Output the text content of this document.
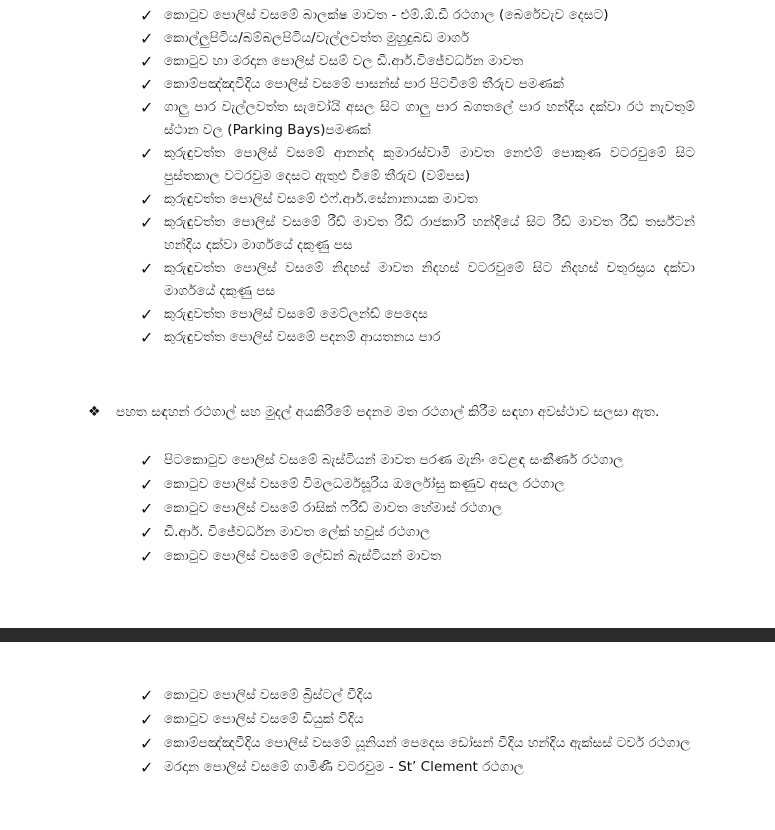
✓ කොටුව පොලිස් වසමේ බාලක්ෂ මාවත - එම්.ඕ.ඩී රථගාල (බෙරේවැව දෙසට)
✓ කොල්ලුපිටිය/බම්බලපිටිය/වැල්ලවත්ත මුහුදුබඩ මාර්ග
✓ කොටුව හා මරදාන පොලිස් වසම් වල ඩී.ආර්.විජේවර්ධන මාවත
✓ කොම්පඤ්ඤවීදිය පොලිස් වසමේ පාසන්ස් පාර පිටවීමේ තීරුව පමණක්
✓ ගාලු පාර වැල්ලවත්ත සැවෝයි අසල සිට ගාලු පාර බගතලේ පාර හන්දිය දක්වා රථ නැවතුම් ස්ථාන වල (Parking Bays)පමණක්
✓ කුරුඳුවත්ත පොලිස් වසමේ ආනන්ද කුමාරස්වාමි මාවත නෙළුම් පොකුණ වටරවුමේ සිට පුස්තකාල වටරවුම දෙසට ඇතුළු වීමේ තීරුව (වම්පස)
✓ කුරුඳුවත්ත පොලිස් වසමේ එෆ්.ආර්.සේනානායක මාවත
✓ කුරුඳුවත්ත පොලිස් වසමේ රීඩ් මාවත රීඩ් රාජකාරි හන්දියේ සිට රීඩ් මාවත රීඩ් තර්ස්ටන් හන්දිය දක්වා මාර්ගයේ දකුණු පස
✓ කුරුඳුවත්ත පොලිස් වසමේ නිදහස් මාවත නිදහස් වටරවුමේ සිට නිදහස් චතුරස්‍රය දක්වා මාර්ගයේ දකුණු පස
✓ කුරුඳුවත්ත පොලිස් වසමේ මෙට්ලන්ඩ් පෙදෙස
✓ කුරුඳුවත්ත පොලිස් වසමේ පදනම් ආයතනය පාර
❖	පහත සඳහන් රථගාල් සහ මුදල් අයකිරීමේ පදනම මත රථගාල් කිරීම සඳහා අවස්ථාව සලසා ඇත.
✓ පිටකොටුව පොලිස් වසමේ බැස්ටියන් මාවත පරණ මැනිං වෙළඳ සංකීර්ණ රථගාල
✓ කොටුව පොලිස් වසමේ විමලධර්මසූරිය ඔර්ලෝසු කණුව අසල රථගාල
✓ කොටුව පොලිස් වසමේ රාසික් ෆරීඩ් මාවත හේමාස් රථගාල
✓ ඩී.ආර්. විජේවර්ධන මාවත ලේක් හවුස් රථගාල
✓ කොටුව පොලිස් වසමේ ලේඩන් බැස්ටියන් මාවත
✓ කොටුව පොලිස් වසමේ බ්‍රිස්ටල් වීදිය
✓ කොටුව පොලිස් වසමේ ඩියුක් වීදිය
✓ කොම්පඤ්ඤවීදිය පොලිස් වසමේ යූනියන් පෙදෙස ඩෝසන් වීදිය හන්දිය ඇක්සස් ටවර් රථගාල
✓ මරදාන පොලිස් වසමේ ගාමිණී වටරවුම - St’ Clement රථගාල
